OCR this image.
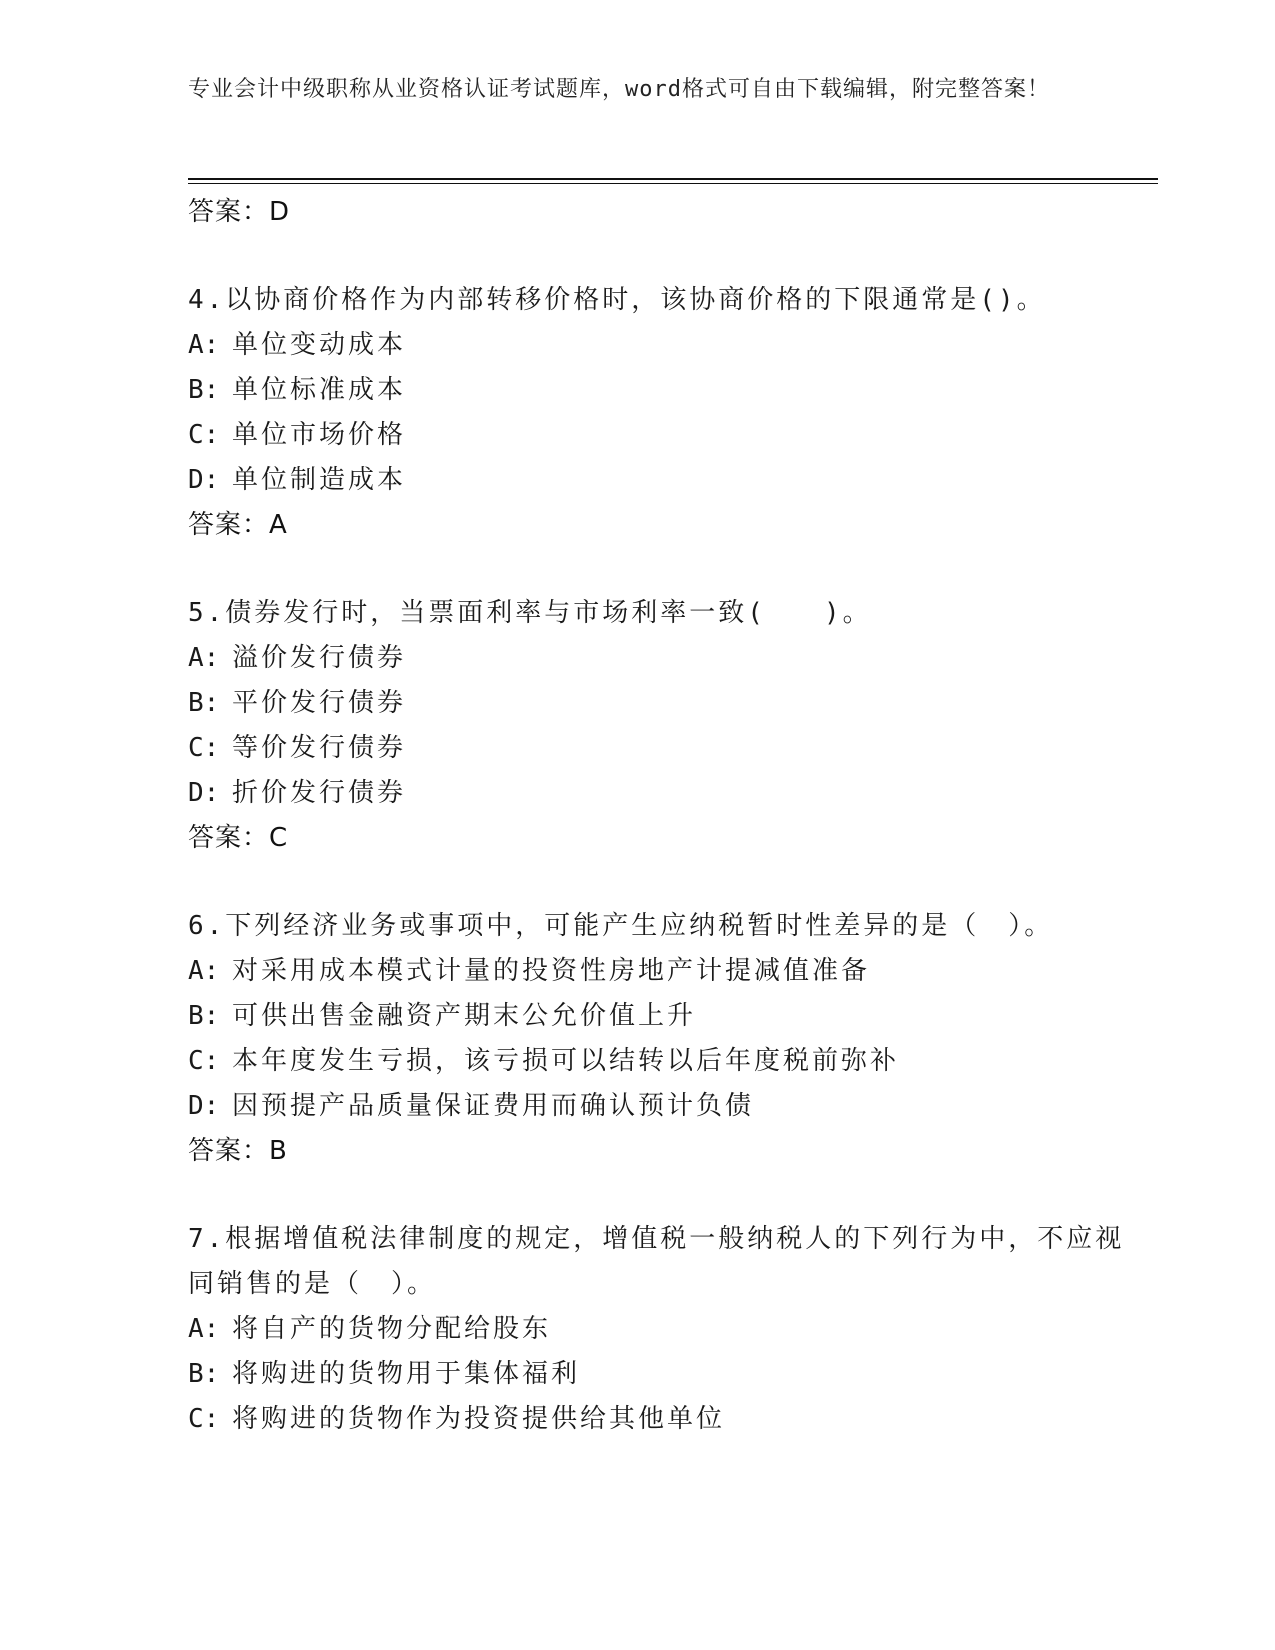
专业会计中级职称从业资格认证考试题库，word格式可自由下载编辑，附完整答案！
答案：D
4.以协商价格作为内部转移价格时，该协商价格的下限通常是()。
A: 单位变动成本
B: 单位标准成本
C: 单位市场价格
D: 单位制造成本
答案：A
5.债券发行时，当票面利率与市场利率一致(　　)。
A: 溢价发行债券
B: 平价发行债券
C: 等价发行债券
D: 折价发行债券
答案：C
6.下列经济业务或事项中，可能产生应纳税暂时性差异的是（　）。
A: 对采用成本模式计量的投资性房地产计提减值准备
B: 可供出售金融资产期末公允价值上升
C: 本年度发生亏损，该亏损可以结转以后年度税前弥补
D: 因预提产品质量保证费用而确认预计负债
答案：B
7.根据增值税法律制度的规定，增值税一般纳税人的下列行为中，不应视同销售的是（　）。
A: 将自产的货物分配给股东
B: 将购进的货物用于集体福利
C: 将购进的货物作为投资提供给其他单位
